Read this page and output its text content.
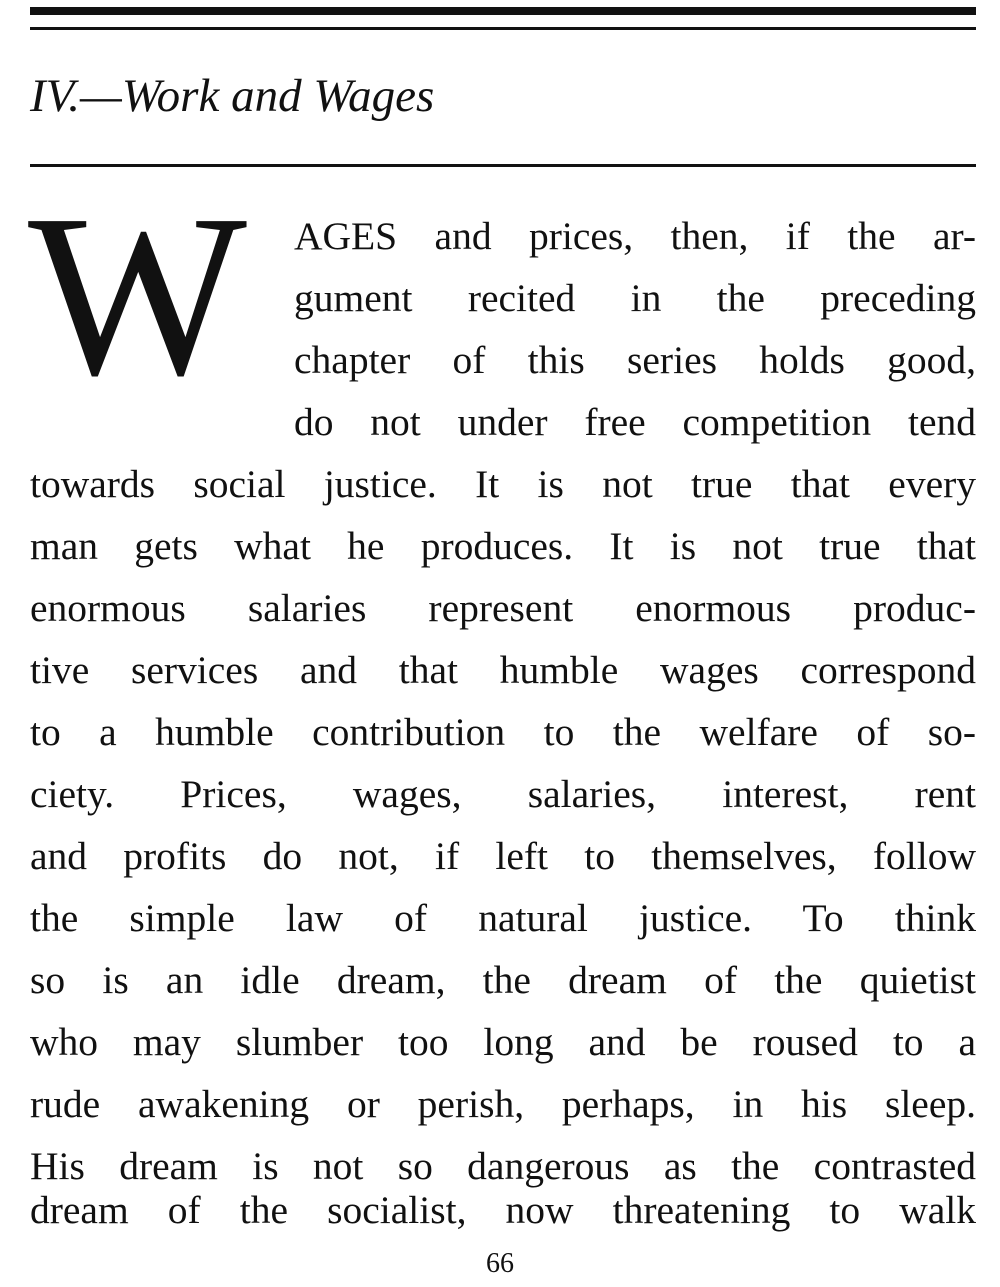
IV.—Work and Wages
W AGES and prices, then, if the ar-

gument recited in the preceding

chapter of this series holds good,

do not under free competition tend

towards social justice. It is not true that every

man gets what he produces. It is not true that

enormous salaries represent enormous produc-

tive services and that humble wages correspond

to a humble contribution to the welfare of so-

ciety. Prices, wages, salaries, interest, rent

and profits do not, if left to themselves, follow

the simple law of natural justice. To think

so is an idle dream, the dream of the quietist

who may slumber too long and be roused to a

rude awakening or perish, perhaps, in his sleep.

His dream is not so dangerous as the contrasted

dream of the socialist, now threatening to walk

66
